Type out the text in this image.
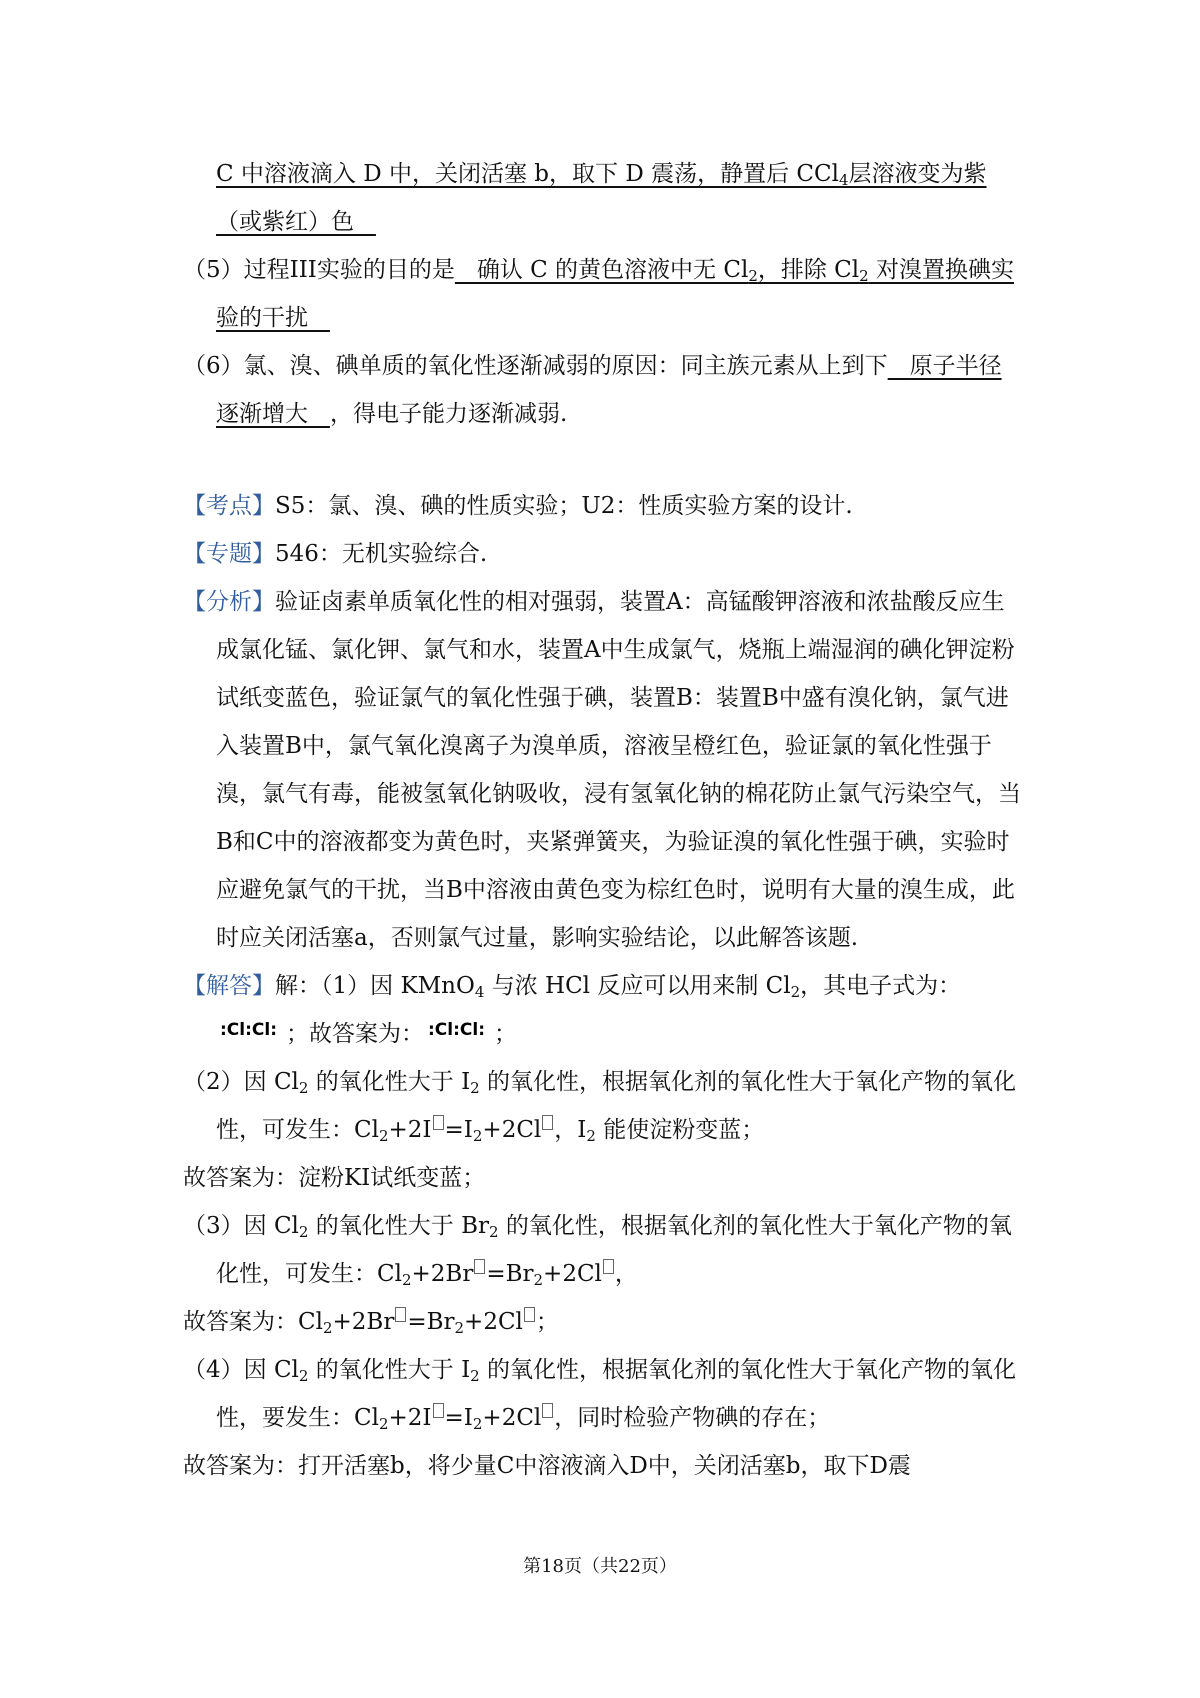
C 中溶液滴入 D 中，关闭活塞 b，取下 D 震荡，静置后 CCl$_4$层溶液变为紫（或紫红）色

（5）过程III实验的目的是   确认 C 的黄色溶液中无 $Cl_2$，排除 $Cl_2$ 对溴置换碘实验的干扰

（6）氯、溴、碘单质的氧化性逐渐减弱的原因：同主族元素从上到下 原子半径逐渐增大 ，得电子能力逐渐减弱.

【考点】S5：氯、溴、碘的性质实验；U2：性质实验方案的设计.

【专题】546：无机实验综合.

【分析】验证卤素单质氧化性的相对强弱，装置A：高锰酸钾溶液和浓盐酸反应生成氯化锰、氯化钾、氯气和水，装置A中生成氯气，烧瓶上端湿润的碘化钾淀粉试纸变蓝色，验证氯气的氧化性强于碘，装置B：装置B中盛有溴化钠，氯气进入装置B中，氯气氧化溴离子为溴单质，溶液呈橙红色，验证氯的氧化性强于溴，氯气有毒，能被氢氧化钠吸收，浸有氢氧化钠的棉花防止氯气污染空气，当B和C中的溶液都变为黄色时，夹紧弹簧夹，为验证溴的氧化性强于碘，实验时应避免氯气的干扰，当B中溶液由黄色变为棕红色时，说明有大量的溴生成，此时应关闭活塞a，否则氯气过量，影响实验结论，以此解答该题.

【解答】解：（1）因 KMnO$_4$ 与浓 HCl 反应可以用来制 $Cl_2$，其电子式为：

:Cl:Cl: ；故答案为： :Cl:Cl: ；

（2）因 $Cl_2$ 的氧化性大于 $I_2$ 的氧化性，根据氧化剂的氧化性大于氧化产物的氧化性，可发生：$Cl_2+2I =I_2+2Cl$ ，$I_2$ 能使淀粉变蓝；

故答案为：淀粉KI试纸变蓝；

（3）因 $Cl_2$ 的氧化性大于 $Br_2$ 的氧化性，根据氧化剂的氧化性大于氧化产物的氧化性，可发生：$Cl_2+2Br =Br_2+2Cl$ ，

故答案为：$Cl_2+2Br =Br_2+2Cl$ ；

（4）因 $Cl_2$ 的氧化性大于 $I_2$ 的氧化性，根据氧化剂的氧化性大于氧化产物的氧化性，要发生：$Cl_2+2I =I_2+2Cl$ ，同时检验产物碘的存在；

故答案为：打开活塞b，将少量C中溶液滴入D中，关闭活塞b，取下D震

第18页（共22页）
